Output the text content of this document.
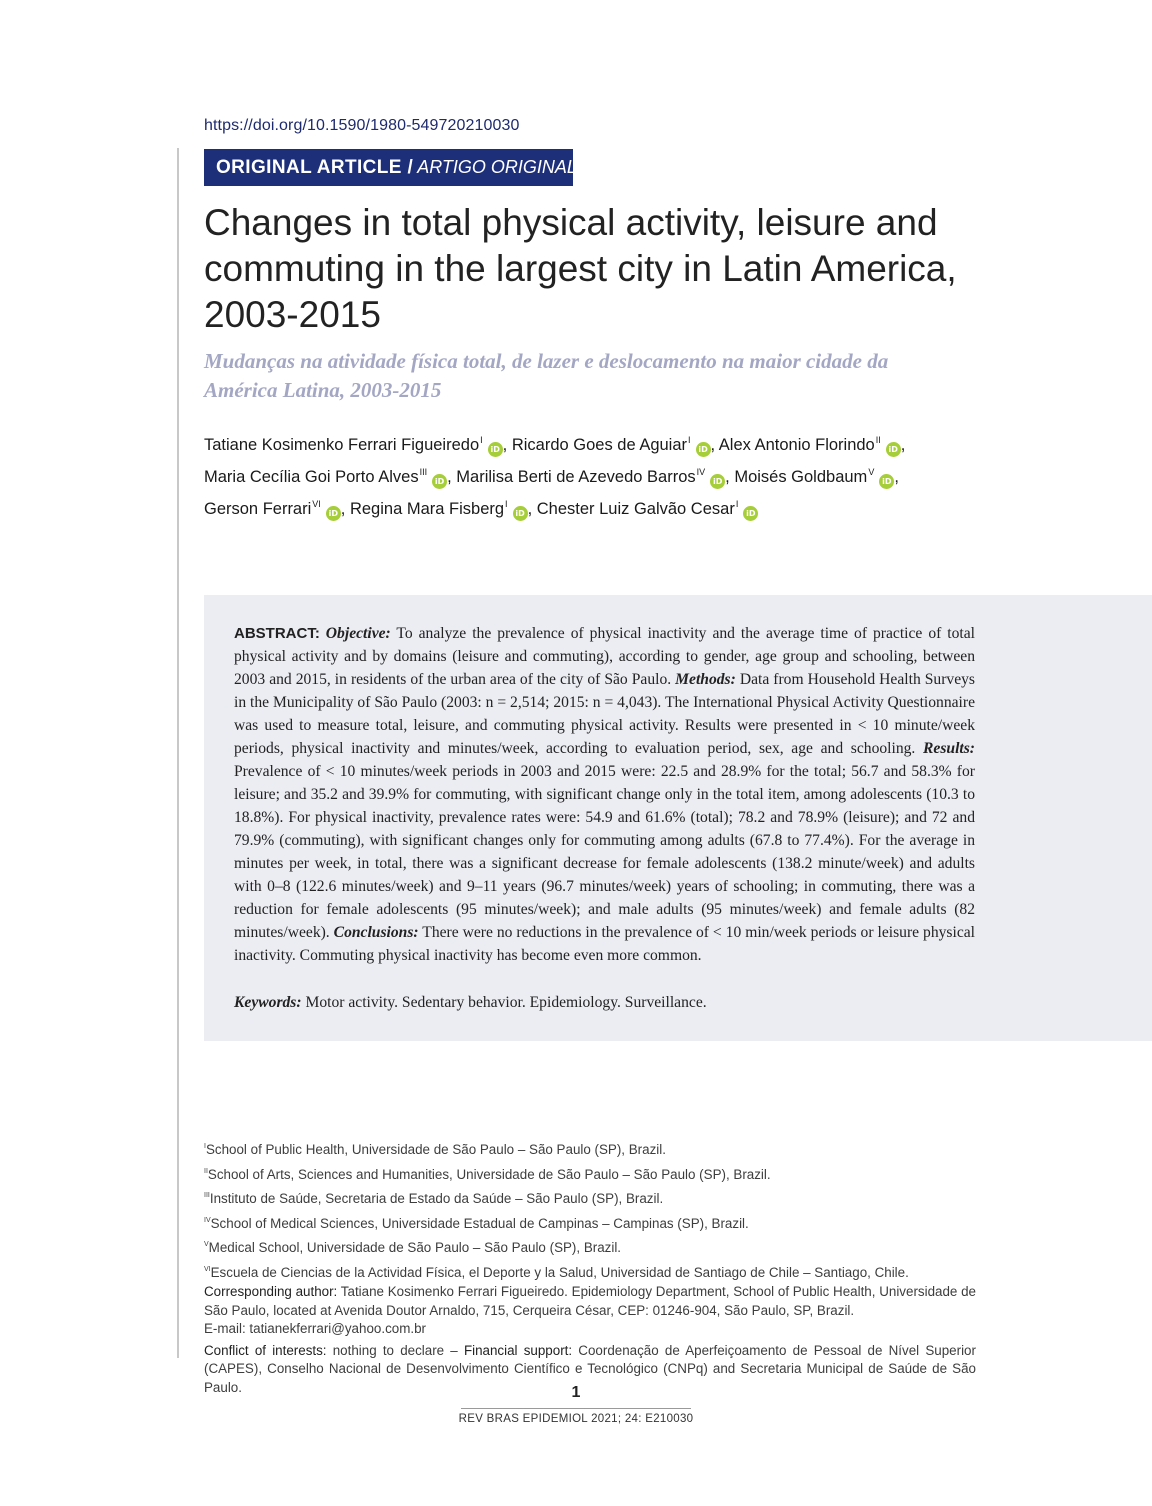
https://doi.org/10.1590/1980-549720210030
ORIGINAL ARTICLE / ARTIGO ORIGINAL
Changes in total physical activity, leisure and commuting in the largest city in Latin America, 2003-2015
Mudanças na atividade física total, de lazer e deslocamento na maior cidade da América Latina, 2003-2015
Tatiane Kosimenko Ferrari Figueiredo$^I$iD , Ricardo Goes de Aguiar$^I$iD , Alex Antonio Florindo$^{II}$iD ,
Maria Cecília Goi Porto Alves$^{III}$iD , Marilisa Berti de Azevedo Barros$^{IV}$iD , Moisés Goldbaum$^V$iD ,
Gerson Ferrari$^{VI}$iD , Regina Mara Fisberg$^I$iD , Chester Luiz Galvão Cesar$^I$iD

ABSTRACT: Objective: To analyze the prevalence of physical inactivity and the average time of practice of total physical activity and by domains (leisure and commuting), according to gender, age group and schooling, between 2003 and 2015, in residents of the urban area of the city of São Paulo. Methods: Data from Household Health Surveys in the Municipality of São Paulo (2003: n = 2,514; 2015: n = 4,043). The International Physical Activity Questionnaire was used to measure total, leisure, and commuting physical activity. Results were presented in < 10 minute/week periods, physical inactivity and minutes/week, according to evaluation period, sex, age and schooling. Results: Prevalence of < 10 minutes/week periods in 2003 and 2015 were: 22.5 and 28.9% for the total; 56.7 and 58.3% for leisure; and 35.2 and 39.9% for commuting, with significant change only in the total item, among adolescents (10.3 to 18.8%). For physical inactivity, prevalence rates were: 54.9 and 61.6% (total); 78.2 and 78.9% (leisure); and 72 and 79.9% (commuting), with significant changes only for commuting among adults (67.8 to 77.4%). For the average in minutes per week, in total, there was a significant decrease for female adolescents (138.2 minute/week) and adults with 0–8 (122.6 minutes/week) and 9–11 years (96.7 minutes/week) years of schooling; in commuting, there was a reduction for female adolescents (95 minutes/week); and male adults (95 minutes/week) and female adults (82 minutes/week). Conclusions: There were no reductions in the prevalence of < 10 min/week periods or leisure physical inactivity. Commuting physical inactivity has become even more common.

Keywords: Motor activity. Sedentary behavior. Epidemiology. Surveillance.

$^I$School of Public Health, Universidade de São Paulo – São Paulo (SP), Brazil.
$^{II}$School of Arts, Sciences and Humanities, Universidade de São Paulo – São Paulo (SP), Brazil.
$^{III}$Instituto de Saúde, Secretaria de Estado da Saúde – São Paulo (SP), Brazil.
$^{IV}$School of Medical Sciences, Universidade Estadual de Campinas – Campinas (SP), Brazil.
$^V$Medical School, Universidade de São Paulo – São Paulo (SP), Brazil.
$^{VI}$Escuela de Ciencias de la Actividad Física, el Deporte y la Salud, Universidad de Santiago de Chile – Santiago, Chile.
Corresponding author: Tatiane Kosimenko Ferrari Figueiredo. Epidemiology Department, School of Public Health, Universidade de São Paulo, located at Avenida Doutor Arnaldo, 715, Cerqueira César, CEP: 01246-904, São Paulo, SP, Brazil.
E-mail: tatianekferrari@yahoo.com.br
Conflict of interests: nothing to declare – Financial support: Coordenação de Aperfeiçoamento de Pessoal de Nível Superior (CAPES), Conselho Nacional de Desenvolvimento Científico e Tecnológico (CNPq) and Secretaria Municipal de Saúde de São Paulo.	1
REV BRAS EPIDEMIOL 2021; 24: E210030
